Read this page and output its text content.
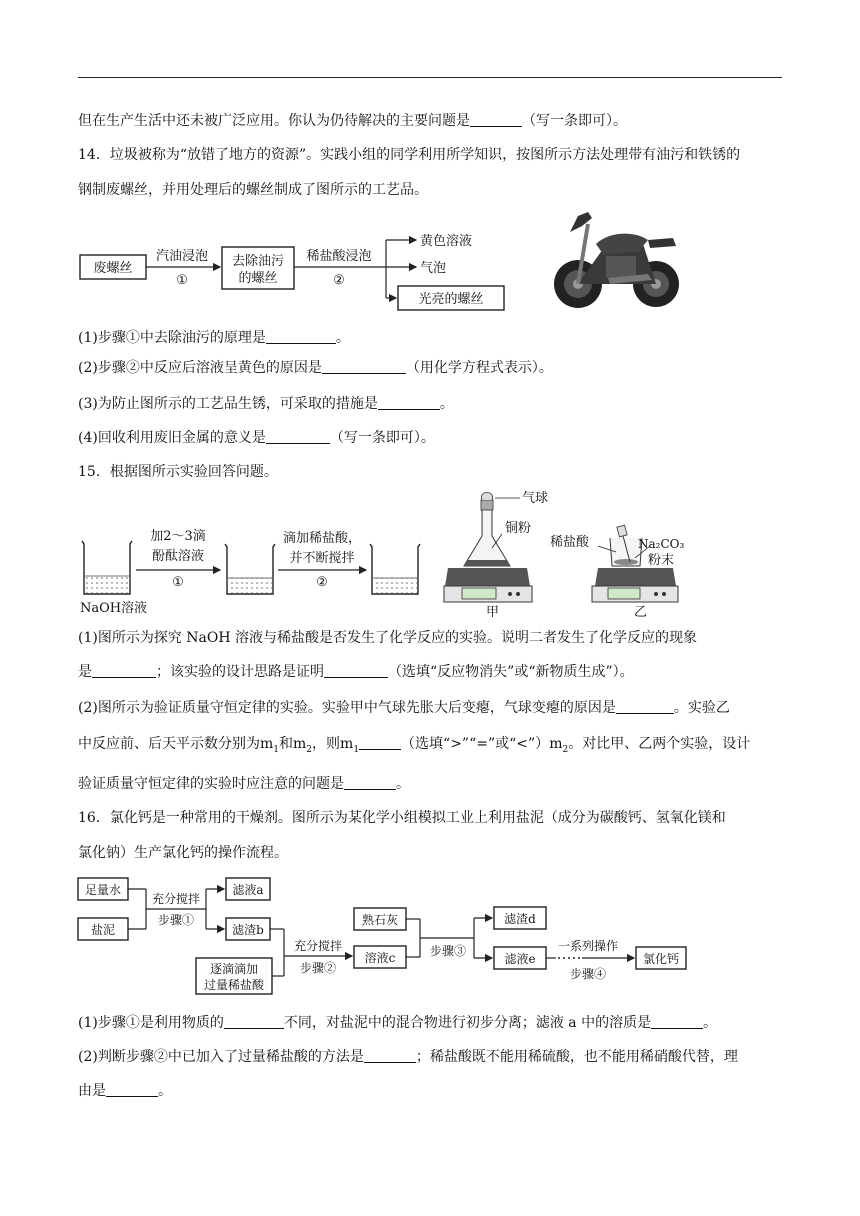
但在生产生活中还未被广泛应用。你认为仍待解决的主要问题是	（写一条即可）。
14．垃圾被称为“放错了地方的资源”。实践小组的同学利用所学知识，按图所示方法处理带有油污和铁锈的
钢制废螺丝，并用处理后的螺丝制成了图所示的工艺品。
废螺丝
汽油浸泡
①
去除油污
的螺丝
稀盐酸浸泡
②
黄色溶液
气泡
光亮的螺丝
(1)步骤①中去除油污的原理是	。
(2)步骤②中反应后溶液呈黄色的原因是	（用化学方程式表示）。
(3)为防止图所示的工艺品生锈，可采取的措施是	。
(4)回收利用废旧金属的意义是	（写一条即可）。
15．根据图所示实验回答问题。
NaOH溶液
加2～3滴
酚酞溶液
①
滴加稀盐酸，
并不断搅拌
②
气球
铜粉
甲
稀盐酸	Na₂CO₃
粉末
乙
(1)图所示为探究 NaOH 溶液与稀盐酸是否发生了化学反应的实验。说明二者发生了化学反应的现象
是	；该实验的设计思路是证明	（选填“反应物消失”或“新物质生成”）。
(2)图所示为验证质量守恒定律的实验。实验甲中气球先胀大后变瘪，气球变瘪的原因是	。实验乙
中反应前、后天平示数分别为$m_1$和$m_2$，则$m_1$	（选填“>”“=”或“$<”)m_2$。对比甲、乙两个实验，设计
验证质量守恒定律的实验时应注意的问题是	。
16．氯化钙是一种常用的干燥剂。图所示为某化学小组模拟工业上利用盐泥（成分为碳酸钙、氢氧化镁和
氯化钠）生产氯化钙的操作流程。
足量水
盐泥
充分搅拌
步骤①
滤液a
滤渣b
逐滴滴加
过量稀盐酸
充分搅拌
步骤②
熟石灰
溶液c	步骤③
滤渣d
滤液e
一系列操作
步骤④
氯化钙
(1)步骤①是利用物质的	不同，对盐泥中的混合物进行初步分离；滤液 a 中的溶质是	。
(2)判断步骤②中已加入了过量稀盐酸的方法是	；稀盐酸既不能用稀硫酸，也不能用稀硝酸代替，理
由是	。
